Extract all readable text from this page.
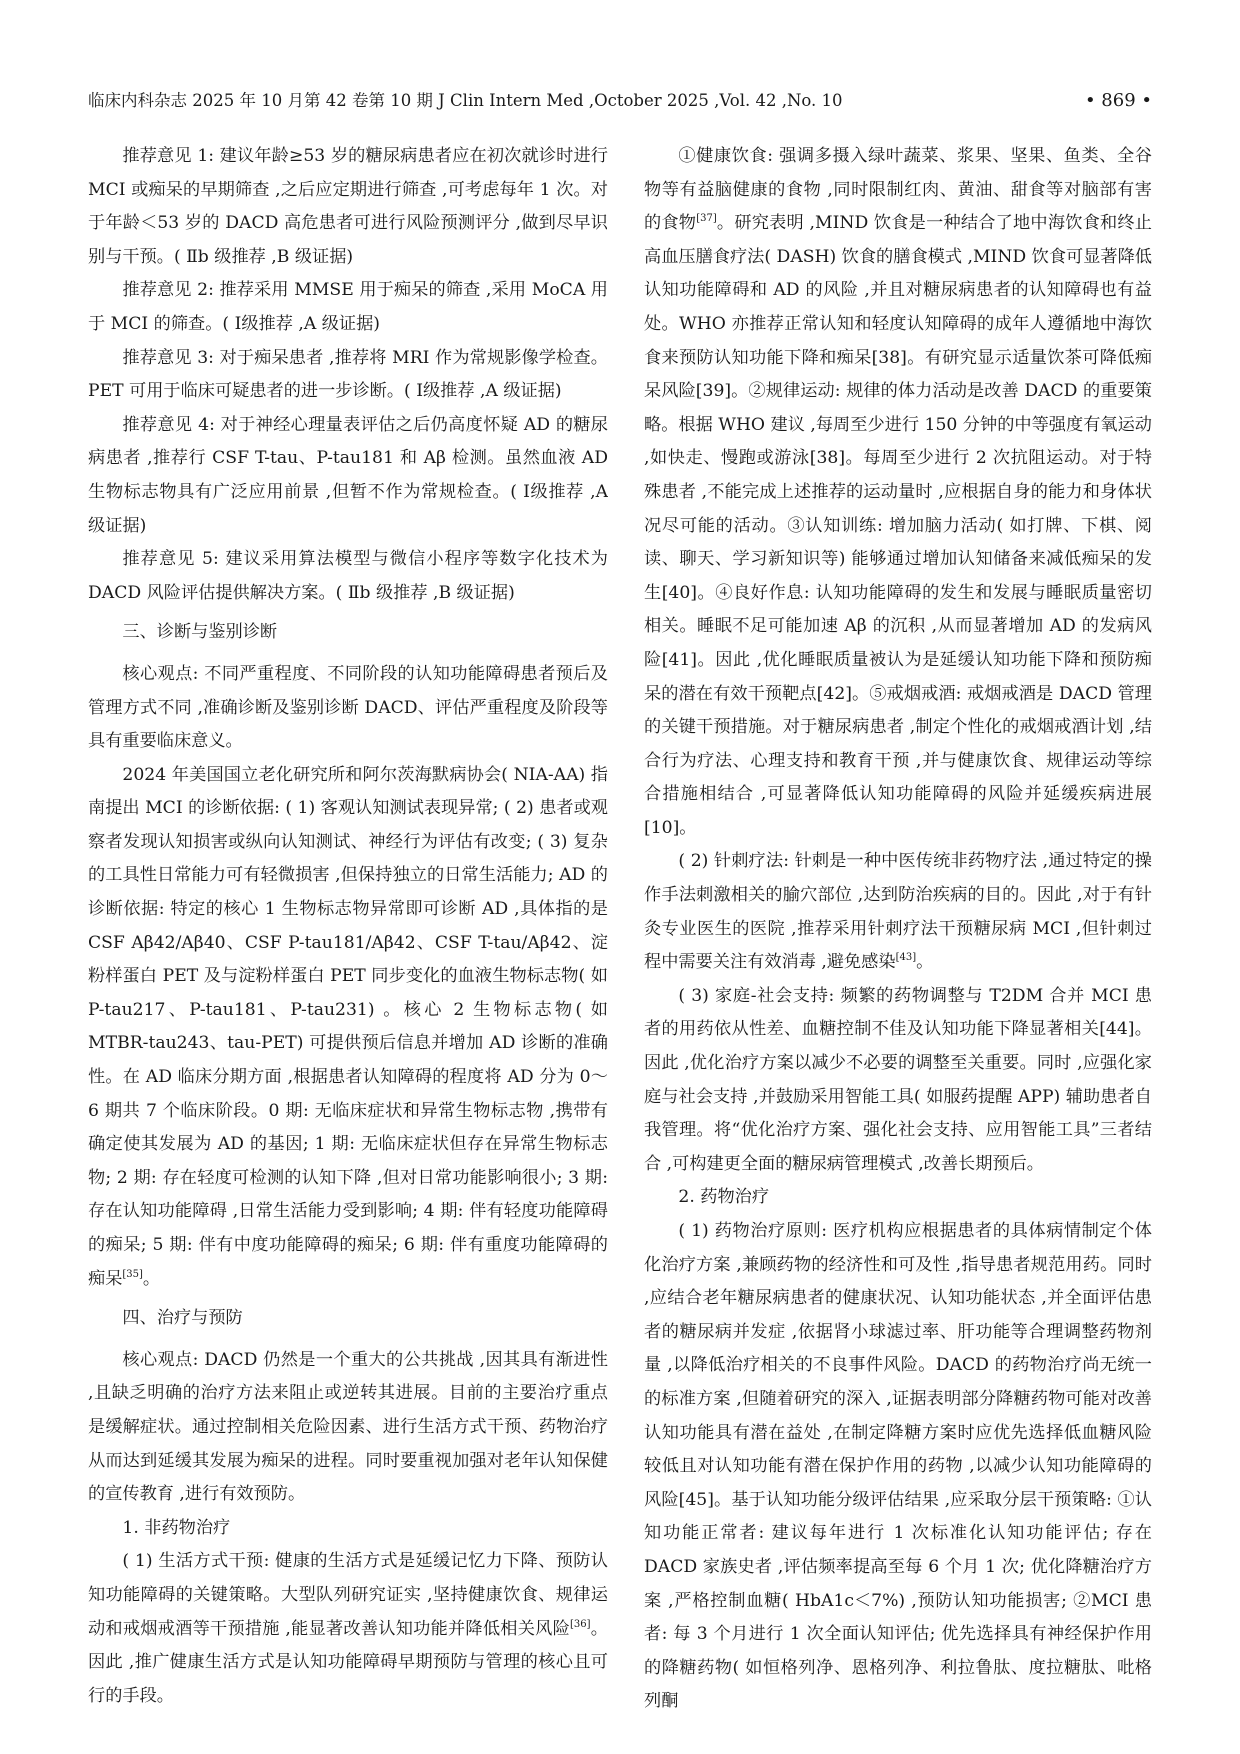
临床内科杂志 2025 年 10 月第 42 卷第 10 期 J Clin Intern Med ,October 2025 ,Vol. 42 ,No. 10	• 869 •

推荐意见 1: 建议年龄≥53 岁的糖尿病患者应在初次就诊时进行 MCI 或痴呆的早期筛查 ,之后应定期进行筛查 ,可考虑每年 1 次。对于年龄＜53 岁的 DACD 高危患者可进行风险预测评分 ,做到尽早识别与干预。( Ⅱb 级推荐 ,B 级证据)

推荐意见 2: 推荐采用 MMSE 用于痴呆的筛查 ,采用 MoCA 用于 MCI 的筛查。( Ⅰ级推荐 ,A 级证据)

推荐意见 3: 对于痴呆患者 ,推荐将 MRI 作为常规影像学检查。PET 可用于临床可疑患者的进一步诊断。( Ⅰ级推荐 ,A 级证据)

推荐意见 4: 对于神经心理量表评估之后仍高度怀疑 AD 的糖尿病患者 ,推荐行 CSF T-tau、P-tau181 和 Aβ 检测。虽然血液 AD 生物标志物具有广泛应用前景 ,但暂不作为常规检查。( Ⅰ级推荐 ,A 级证据)

推荐意见 5: 建议采用算法模型与微信小程序等数字化技术为 DACD 风险评估提供解决方案。( Ⅱb 级推荐 ,B 级证据)

三、诊断与鉴别诊断

核心观点: 不同严重程度、不同阶段的认知功能障碍患者预后及管理方式不同 ,准确诊断及鉴别诊断 DACD、评估严重程度及阶段等具有重要临床意义。

2024 年美国国立老化研究所和阿尔茨海默病协会( NIA-AA) 指南提出 MCI 的诊断依据: ( 1) 客观认知测试表现异常; ( 2) 患者或观察者发现认知损害或纵向认知测试、神经行为评估有改变; ( 3) 复杂的工具性日常能力可有轻微损害 ,但保持独立的日常生活能力; AD 的诊断依据: 特定的核心 1 生物标志物异常即可诊断 AD ,具体指的是 CSF Aβ42/Aβ40、CSF P-tau181/Aβ42、CSF T-tau/Aβ42、淀粉样蛋白 PET 及与淀粉样蛋白 PET 同步变化的血液生物标志物( 如 P-tau217、P-tau181、P-tau231) 。核心 2 生物标志物( 如 MTBR-tau243、tau-PET) 可提供预后信息并增加 AD 诊断的准确性。在 AD 临床分期方面 ,根据患者认知障碍的程度将 AD 分为 0～6 期共 7 个临床阶段。0 期: 无临床症状和异常生物标志物 ,携带有确定使其发展为 AD 的基因; 1 期: 无临床症状但存在异常生物标志物; 2 期: 存在轻度可检测的认知下降 ,但对日常功能影响很小; 3 期: 存在认知功能障碍 ,日常生活能力受到影响; 4 期: 伴有轻度功能障碍的痴呆; 5 期: 伴有中度功能障碍的痴呆; 6 期: 伴有重度功能障碍的痴呆[35]。

四、治疗与预防

核心观点: DACD 仍然是一个重大的公共挑战 ,因其具有渐进性 ,且缺乏明确的治疗方法来阻止或逆转其进展。目前的主要治疗重点是缓解症状。通过控制相关危险因素、进行生活方式干预、药物治疗从而达到延缓其发展为痴呆的进程。同时要重视加强对老年认知保健的宣传教育 ,进行有效预防。

1. 非药物治疗

( 1) 生活方式干预: 健康的生活方式是延缓记忆力下降、预防认知功能障碍的关键策略。大型队列研究证实 ,坚持健康饮食、规律运动和戒烟戒酒等干预措施 ,能显著改善认知功能并降低相关风险[36]。因此 ,推广健康生活方式是认知功能障碍早期预防与管理的核心且可行的手段。

①健康饮食: 强调多摄入绿叶蔬菜、浆果、坚果、鱼类、全谷物等有益脑健康的食物 ,同时限制红肉、黄油、甜食等对脑部有害的食物[37]。研究表明 ,MIND 饮食是一种结合了地中海饮食和终止高血压膳食疗法( DASH) 饮食的膳食模式 ,MIND 饮食可显著降低认知功能障碍和 AD 的风险 ,并且对糖尿病患者的认知障碍也有益处。WHO 亦推荐正常认知和轻度认知障碍的成年人遵循地中海饮食来预防认知功能下降和痴呆[38]。有研究显示适量饮茶可降低痴呆风险[39]。②规律运动: 规律的体力活动是改善 DACD 的重要策略。根据 WHO 建议 ,每周至少进行 150 分钟的中等强度有氧运动 ,如快走、慢跑或游泳[38]。每周至少进行 2 次抗阻运动。对于特殊患者 ,不能完成上述推荐的运动量时 ,应根据自身的能力和身体状况尽可能的活动。③认知训练: 增加脑力活动( 如打牌、下棋、阅读、聊天、学习新知识等) 能够通过增加认知储备来减低痴呆的发生[40]。④良好作息: 认知功能障碍的发生和发展与睡眠质量密切相关。睡眠不足可能加速 Aβ 的沉积 ,从而显著增加 AD 的发病风险[41]。因此 ,优化睡眠质量被认为是延缓认知功能下降和预防痴呆的潜在有效干预靶点[42]。⑤戒烟戒酒: 戒烟戒酒是 DACD 管理的关键干预措施。对于糖尿病患者 ,制定个性化的戒烟戒酒计划 ,结合行为疗法、心理支持和教育干预 ,并与健康饮食、规律运动等综合措施相结合 ,可显著降低认知功能障碍的风险并延缓疾病进展[10]。

( 2) 针刺疗法: 针刺是一种中医传统非药物疗法 ,通过特定的操作手法刺激相关的腧穴部位 ,达到防治疾病的目的。因此 ,对于有针灸专业医生的医院 ,推荐采用针刺疗法干预糖尿病 MCI ,但针刺过程中需要关注有效消毒 ,避免感染[43]。

( 3) 家庭-社会支持: 频繁的药物调整与 T2DM 合并 MCI 患者的用药依从性差、血糖控制不佳及认知功能下降显著相关[44]。因此 ,优化治疗方案以减少不必要的调整至关重要。同时 ,应强化家庭与社会支持 ,并鼓励采用智能工具( 如服药提醒 APP) 辅助患者自我管理。将“优化治疗方案、强化社会支持、应用智能工具”三者结合 ,可构建更全面的糖尿病管理模式 ,改善长期预后。

2. 药物治疗

( 1) 药物治疗原则: 医疗机构应根据患者的具体病情制定个体化治疗方案 ,兼顾药物的经济性和可及性 ,指导患者规范用药。同时 ,应结合老年糖尿病患者的健康状况、认知功能状态 ,并全面评估患者的糖尿病并发症 ,依据肾小球滤过率、肝功能等合理调整药物剂量 ,以降低治疗相关的不良事件风险。DACD 的药物治疗尚无统一的标准方案 ,但随着研究的深入 ,证据表明部分降糖药物可能对改善认知功能具有潜在益处 ,在制定降糖方案时应优先选择低血糖风险较低且对认知功能有潜在保护作用的药物 ,以减少认知功能障碍的风险[45]。基于认知功能分级评估结果 ,应采取分层干预策略: ①认知功能正常者: 建议每年进行 1 次标准化认知功能评估; 存在 DACD 家族史者 ,评估频率提高至每 6 个月 1 次; 优化降糖治疗方案 ,严格控制血糖( HbA1c＜7%) ,预防认知功能损害; ②MCI 患者: 每 3 个月进行 1 次全面认知评估; 优先选择具有神经保护作用的降糖药物( 如恒格列净、恩格列净、利拉鲁肽、度拉糖肽、吡格列酮
